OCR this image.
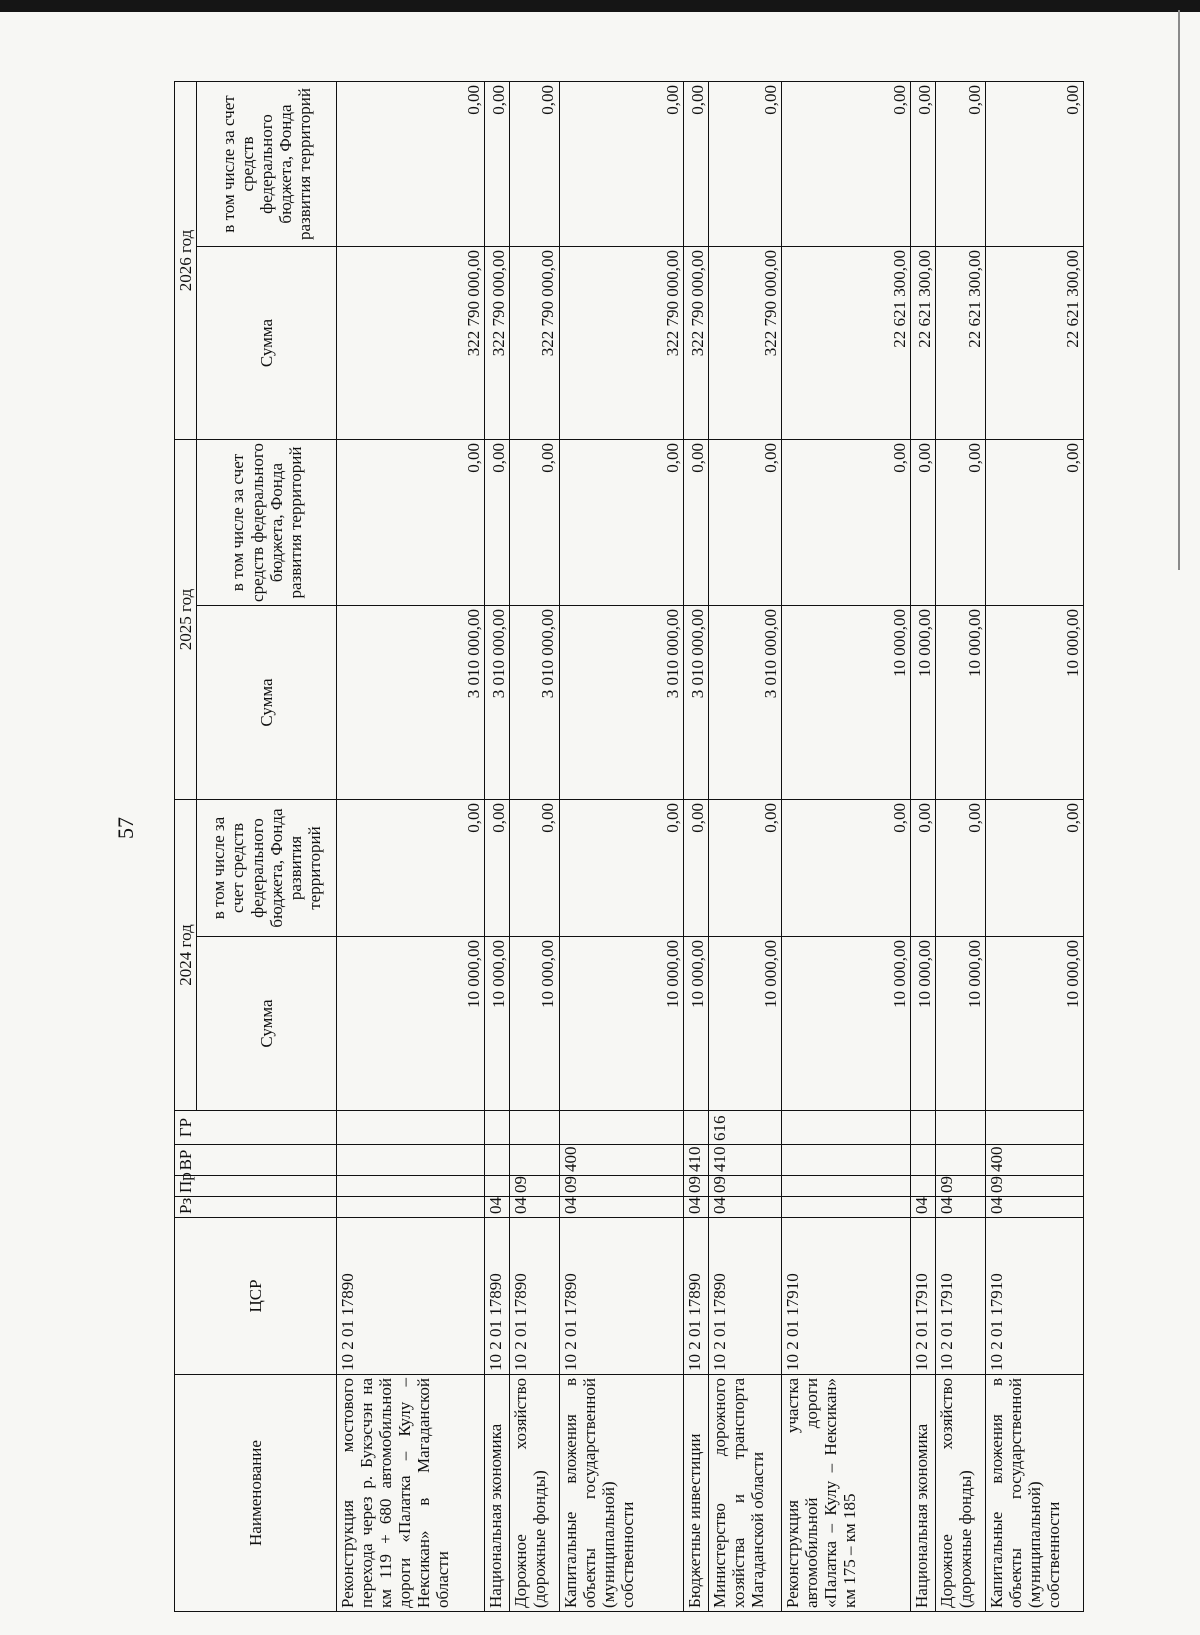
57
Наименование	ЦСР	Рз	Пр	ВР	ГР	2024 год		2025 год		2026 год	
						Сумма	в том числе за счет средств федерального бюджета, Фонда развития территорий	Сумма	в том числе за счет средств федерального бюджета, Фонда развития территорий	Сумма	в том числе за счет средств федерального бюджета, Фонда развития территорий
Реконструкция мостового перехода через р. Букэсчэн на км 119 + 680 автомобильной дороги «Палатка – Кулу – Нексикан» в Магаданской области	10 2 01 17890					10 000,00	0,00	3 010 000,00	0,00	322 790 000,00	0,00
Национальная экономика	10 2 01 17890	04				10 000,00	0,00	3 010 000,00	0,00	322 790 000,00	0,00
Дорожное хозяйство (дорожные фонды)	10 2 01 17890	04	09			10 000,00	0,00	3 010 000,00	0,00	322 790 000,00	0,00
Капитальные вложения в объекты государственной (муниципальной) собственности	10 2 01 17890	04	09	400		10 000,00	0,00	3 010 000,00	0,00	322 790 000,00	0,00
Бюджетные инвестиции	10 2 01 17890	04	09	410		10 000,00	0,00	3 010 000,00	0,00	322 790 000,00	0,00
Министерство дорожного хозяйства и транспорта Магаданской области	10 2 01 17890	04	09	410	616	10 000,00	0,00	3 010 000,00	0,00	322 790 000,00	0,00
Реконструкция участка автомобильной дороги «Палатка – Кулу – Нексикан» км 175 – км 185	10 2 01 17910					10 000,00	0,00	10 000,00	0,00	22 621 300,00	0,00
Национальная экономика	10 2 01 17910	04				10 000,00	0,00	10 000,00	0,00	22 621 300,00	0,00
Дорожное хозяйство (дорожные фонды)	10 2 01 17910	04	09			10 000,00	0,00	10 000,00	0,00	22 621 300,00	0,00
Капитальные вложения в объекты государственной (муниципальной) собственности	10 2 01 17910	04	09	400		10 000,00	0,00	10 000,00	0,00	22 621 300,00	0,00
